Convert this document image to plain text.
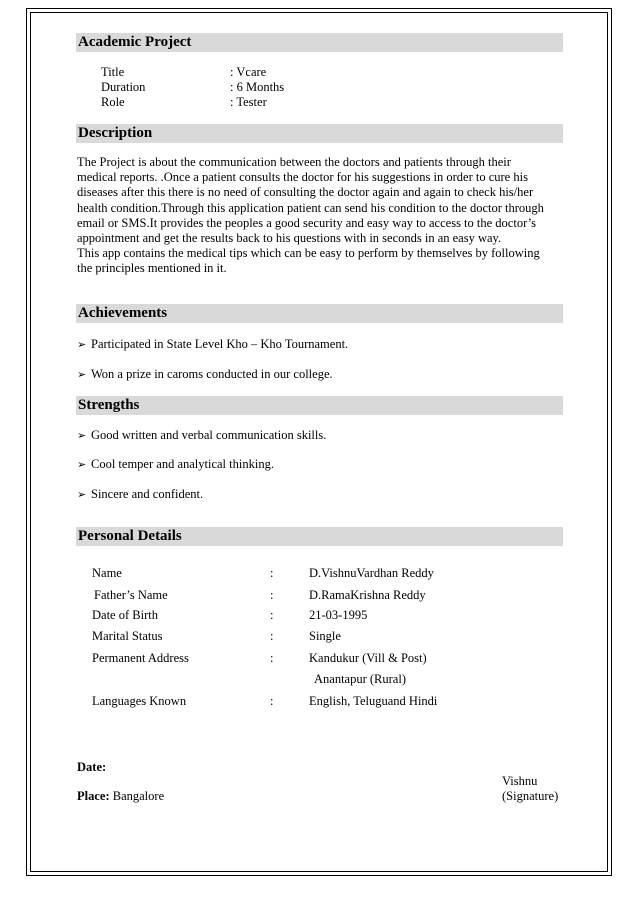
Academic Project
Title	: Vcare
Duration	: 6 Months
Role	: Tester
Description

The Project is about the communication between the doctors and patients through their

medical reports. .Once a patient consults the doctor for his suggestions in order to cure his

diseases after this there is no need of consulting the doctor again and again to check his/her

health condition.Through this application patient can send his condition to the doctor through

email or SMS.It provides the peoples a good security and easy way to access to the doctor’s

appointment and get the results back to his questions with in seconds in an easy way.

This app contains the medical tips which can be easy to perform by themselves by following

the principles mentioned in it.

Achievements
➢ Participated in State Level Kho – Kho Tournament.
➢ Won a prize in caroms conducted in our college.
Strengths
➢ Good written and verbal communication skills.
➢ Cool temper and analytical thinking.
➢ Sincere and confident.
Personal Details
Name	:	D.VishnuVardhan Reddy
Father’s Name	:	D.RamaKrishna Reddy
Date of Birth	:	21-03-1995
Marital Status	:	Single
Permanent Address	:	Kandukur (Vill & Post)
Anantapur (Rural)
Languages Known	:	English, Teluguand Hindi
Date:
Place: Bangalore
Vishnu
(Signature)
